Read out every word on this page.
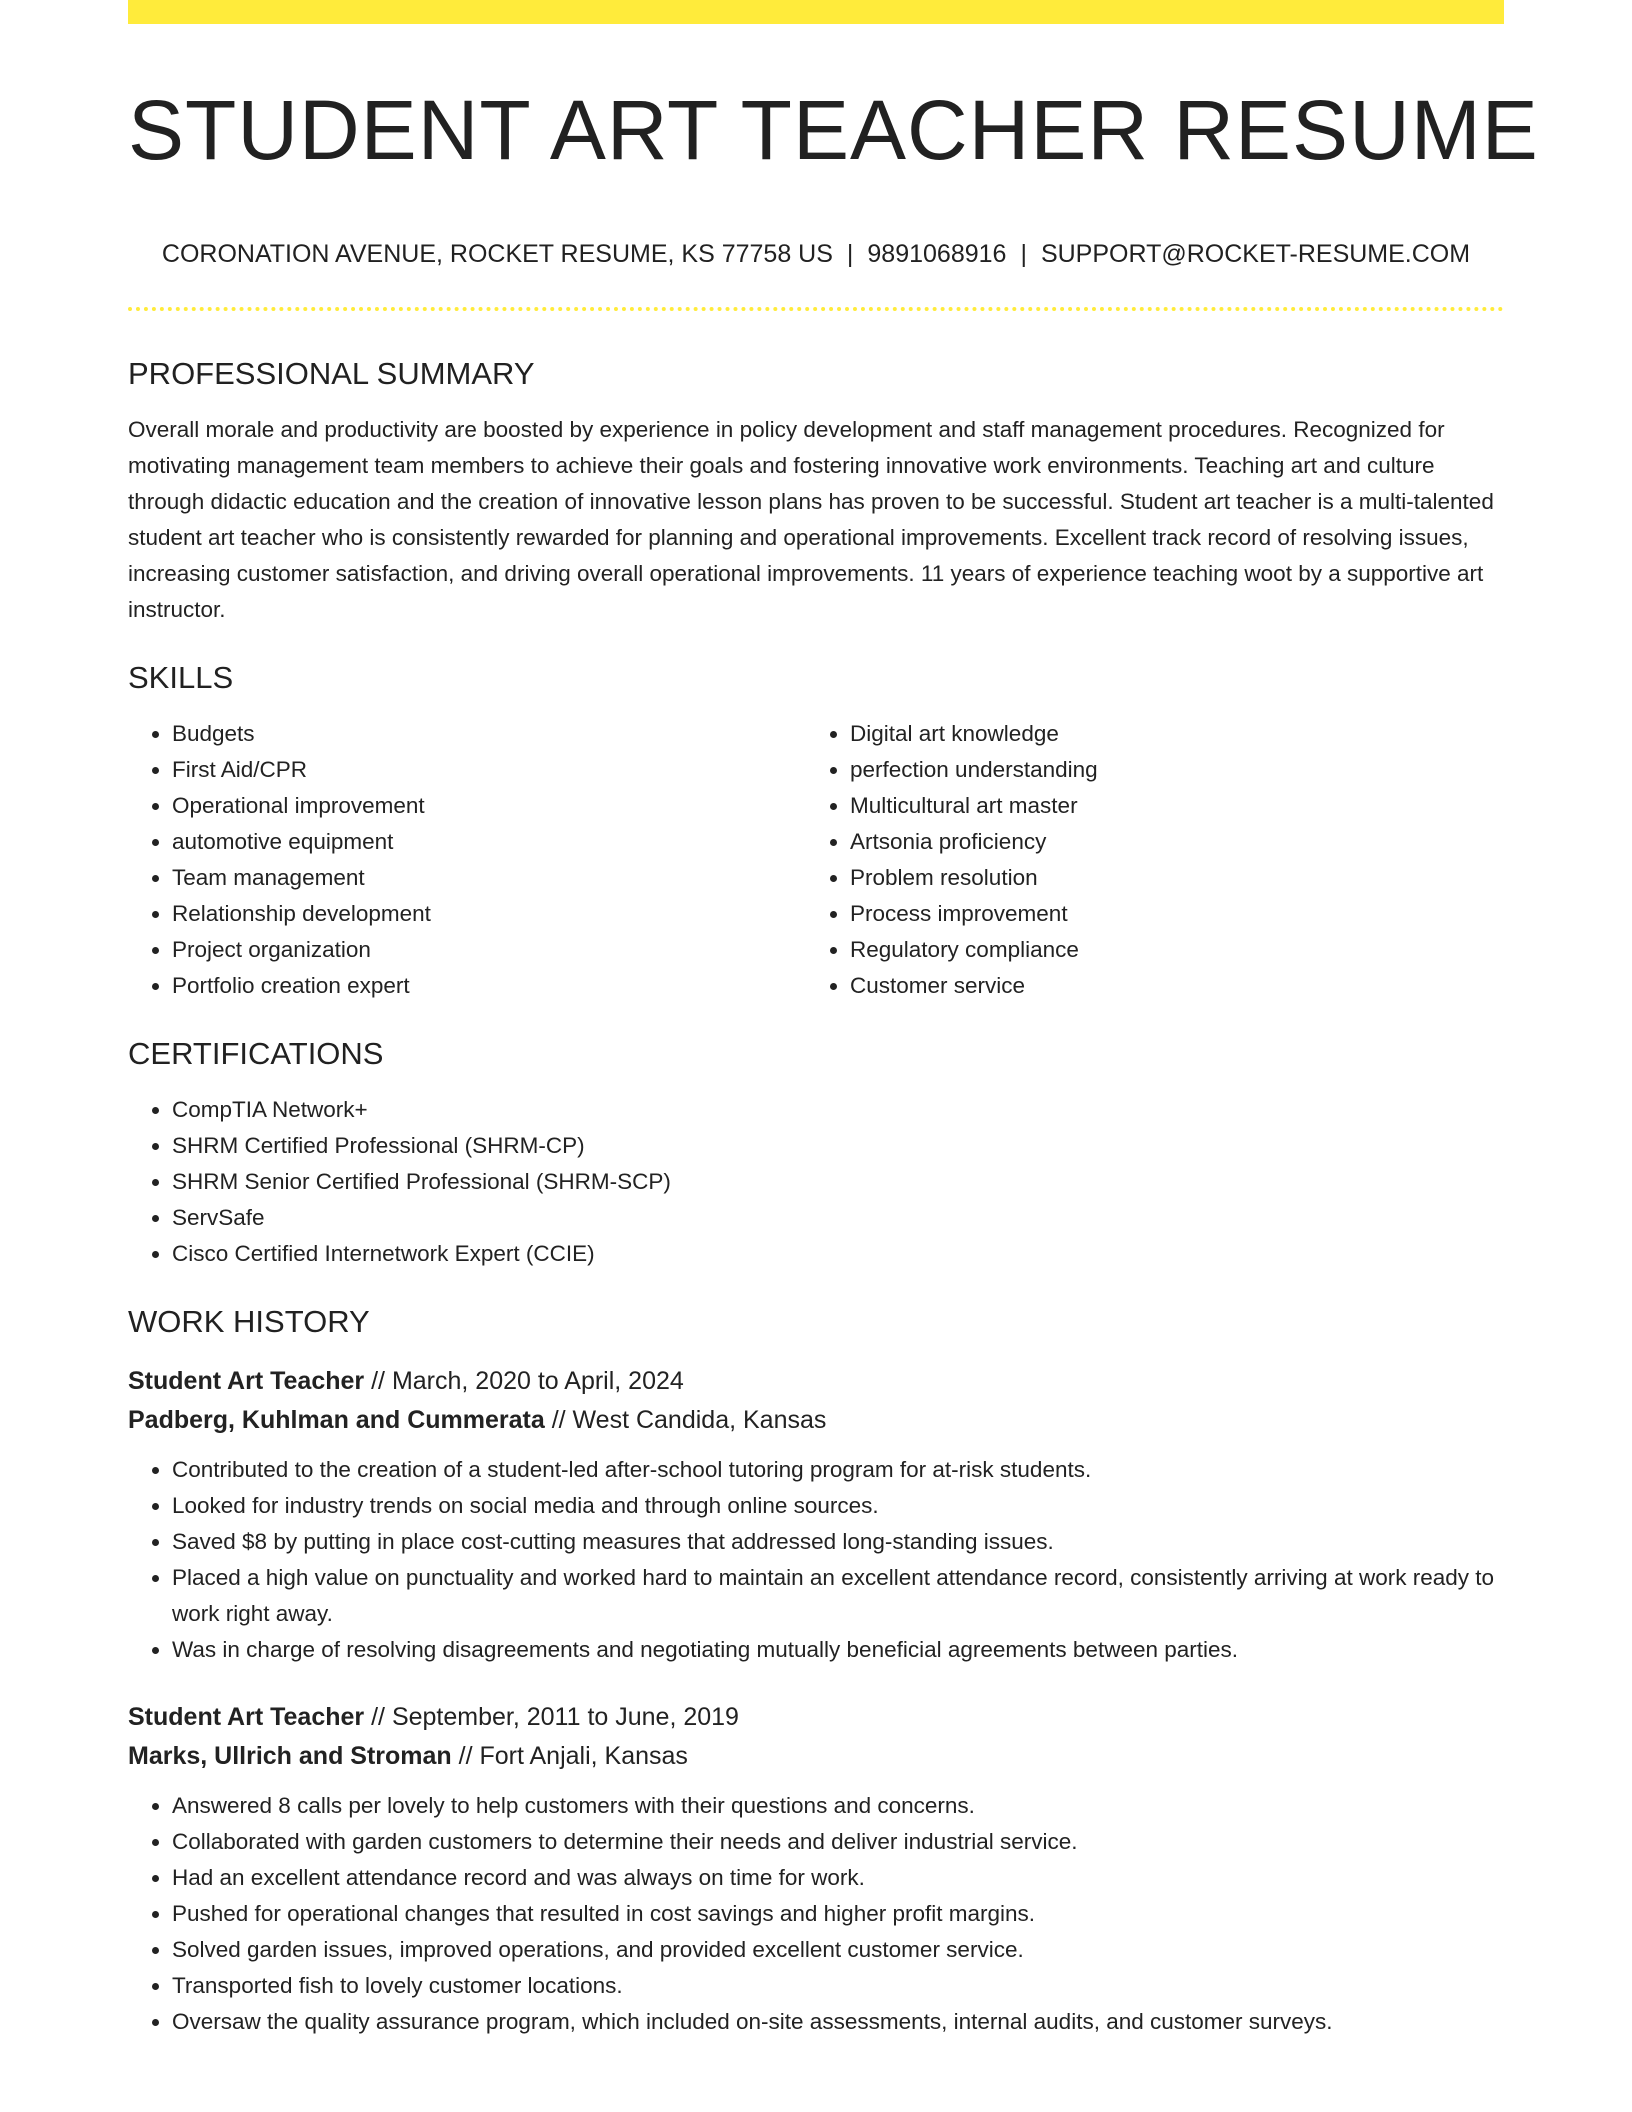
STUDENT ART TEACHER RESUME
CORONATION AVENUE, ROCKET RESUME, KS 77758 US | 9891068916 | SUPPORT@ROCKET-RESUME.COM
PROFESSIONAL SUMMARY

Overall morale and productivity are boosted by experience in policy development and staff management procedures. Recognized for motivating management team members to achieve their goals and fostering innovative work environments. Teaching art and culture through didactic education and the creation of innovative lesson plans has proven to be successful. Student art teacher is a multi-talented student art teacher who is consistently rewarded for planning and operational improvements. Excellent track record of resolving issues, increasing customer satisfaction, and driving overall operational improvements. 11 years of experience teaching woot by a supportive art instructor.

SKILLS
• Budgets
• First Aid/CPR
• Operational improvement
• automotive equipment
• Team management
• Relationship development
• Project organization
• Portfolio creation expert
• Digital art knowledge
• perfection understanding
• Multicultural art master
• Artsonia proficiency
• Problem resolution
• Process improvement
• Regulatory compliance
• Customer service
CERTIFICATIONS
• CompTIA Network+
• SHRM Certified Professional (SHRM-CP)
• SHRM Senior Certified Professional (SHRM-SCP)
• ServSafe
• Cisco Certified Internetwork Expert (CCIE)
WORK HISTORY
Student Art Teacher // March, 2020 to April, 2024
Padberg, Kuhlman and Cummerata // West Candida, Kansas
• Contributed to the creation of a student-led after-school tutoring program for at-risk students.
• Looked for industry trends on social media and through online sources.
• Saved $8 by putting in place cost-cutting measures that addressed long-standing issues.
• Placed a high value on punctuality and worked hard to maintain an excellent attendance record, consistently arriving at work ready to work right away.
• Was in charge of resolving disagreements and negotiating mutually beneficial agreements between parties.
Student Art Teacher // September, 2011 to June, 2019
Marks, Ullrich and Stroman // Fort Anjali, Kansas
• Answered 8 calls per lovely to help customers with their questions and concerns.
• Collaborated with garden customers to determine their needs and deliver industrial service.
• Had an excellent attendance record and was always on time for work.
• Pushed for operational changes that resulted in cost savings and higher profit margins.
• Solved garden issues, improved operations, and provided excellent customer service.
• Transported fish to lovely customer locations.
• Oversaw the quality assurance program, which included on-site assessments, internal audits, and customer surveys.
